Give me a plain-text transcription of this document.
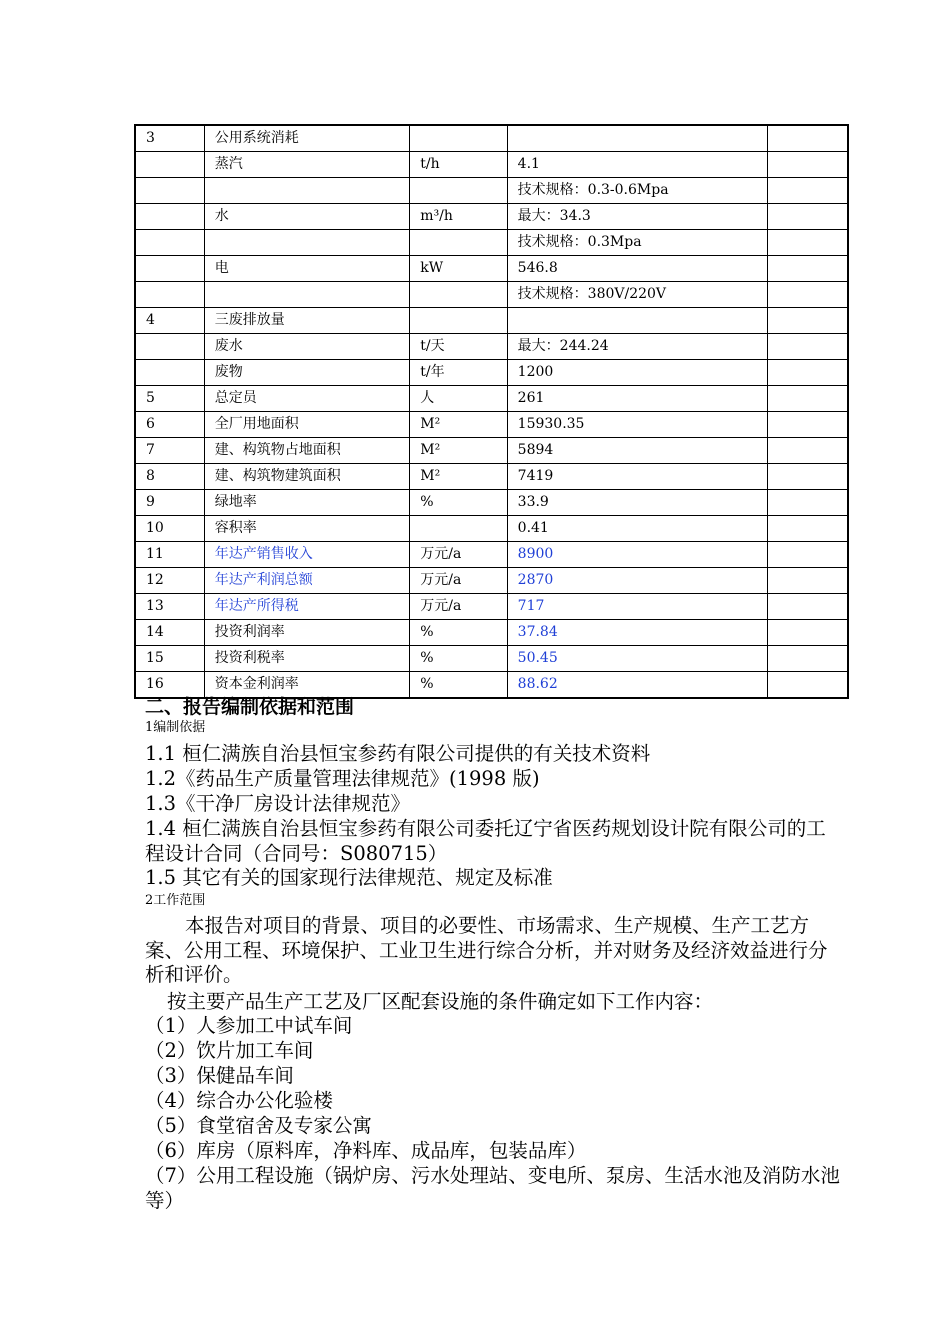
3	公用系统消耗			
	蒸汽	t/h	4.1	
			技术规格：0.3-0.6Mpa	
	水	m³/h	最大：34.3	
			技术规格：0.3Mpa	
	电	kW	546.8	
			技术规格：380V/220V	
4	三废排放量			
	废水	t/天	最大：244.24	
	废物	t/年	1200	
5	总定员	人	261	
6	全厂用地面积	M²	15930.35	
7	建、构筑物占地面积	M²	5894	
8	建、构筑物建筑面积	M²	7419	
9	绿地率	%	33.9	
10	容积率		0.41	
11	年达产销售收入	万元/a	8900	
12	年达产利润总额	万元/a	2870	
13	年达产所得税	万元/a	717	
14	投资利润率	%	37.84	
15	投资利税率	%	50.45	
16	资本金利润率	%	88.62	
二、报告编制依据和范围
1编制依据
1.1 桓仁满族自治县恒宝参药有限公司提供的有关技术资料
1.2《药品生产质量管理法律规范》(1998 版)
1.3《干净厂房设计法律规范》
1.4 桓仁满族自治县恒宝参药有限公司委托辽宁省医药规划设计院有限公司的工程设计合同（合同号：S080715）
1.5 其它有关的国家现行法律规范、规定及标准
2工作范围
本报告对项目的背景、项目的必要性、市场需求、生产规模、生产工艺方案、公用工程、环境保护、工业卫生进行综合分析，并对财务及经济效益进行分析和评价。
按主要产品生产工艺及厂区配套设施的条件确定如下工作内容：
（1）人参加工中试车间
（2）饮片加工车间
（3）保健品车间
（4）综合办公化验楼
（5）食堂宿舍及专家公寓
（6）库房（原料库，净料库、成品库，包装品库）
（7）公用工程设施（锅炉房、污水处理站、变电所、泵房、生活水池及消防水池等）
